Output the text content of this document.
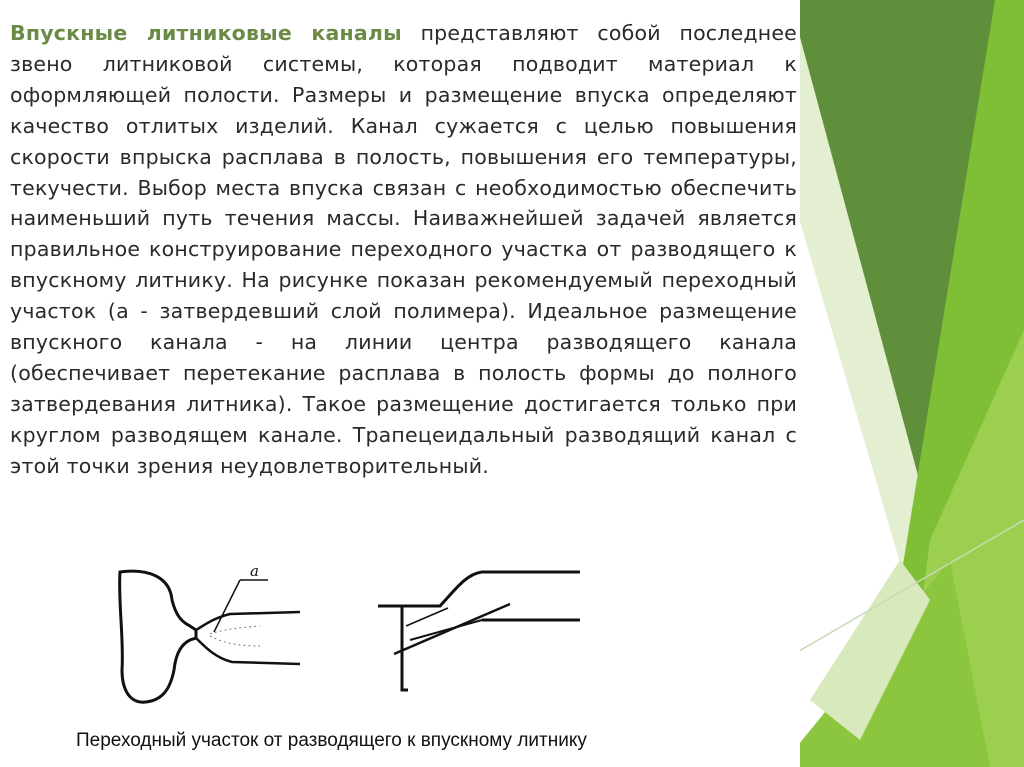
Впускные литниковые каналы представляют собой последнее звено литниковой системы, которая подводит материал к оформляющей полости. Размеры и размещение впуска определяют качество отлитых изделий. Канал сужается с целью повышения скорости впрыска расплава в полость, повышения его температуры, текучести. Выбор места впуска связан с необходимостью обеспечить наименьший путь течения массы. Наиважнейшей задачей является правильное конструирование переходного участка от разводящего к впускному литнику. На рисунке показан рекомендуемый переходный участок (а - затвердевший слой полимера). Идеальное размещение впускного канала - на линии центра разводящего канала (обеспечивает перетекание расплава в полость формы до полного затвердевания литника). Такое размещение достигается только при круглом разводящем канале. Трапецеидальный разводящий канал с этой точки зрения неудовлетворительный.

а

Переходный участок от разводящего к впускному литнику
